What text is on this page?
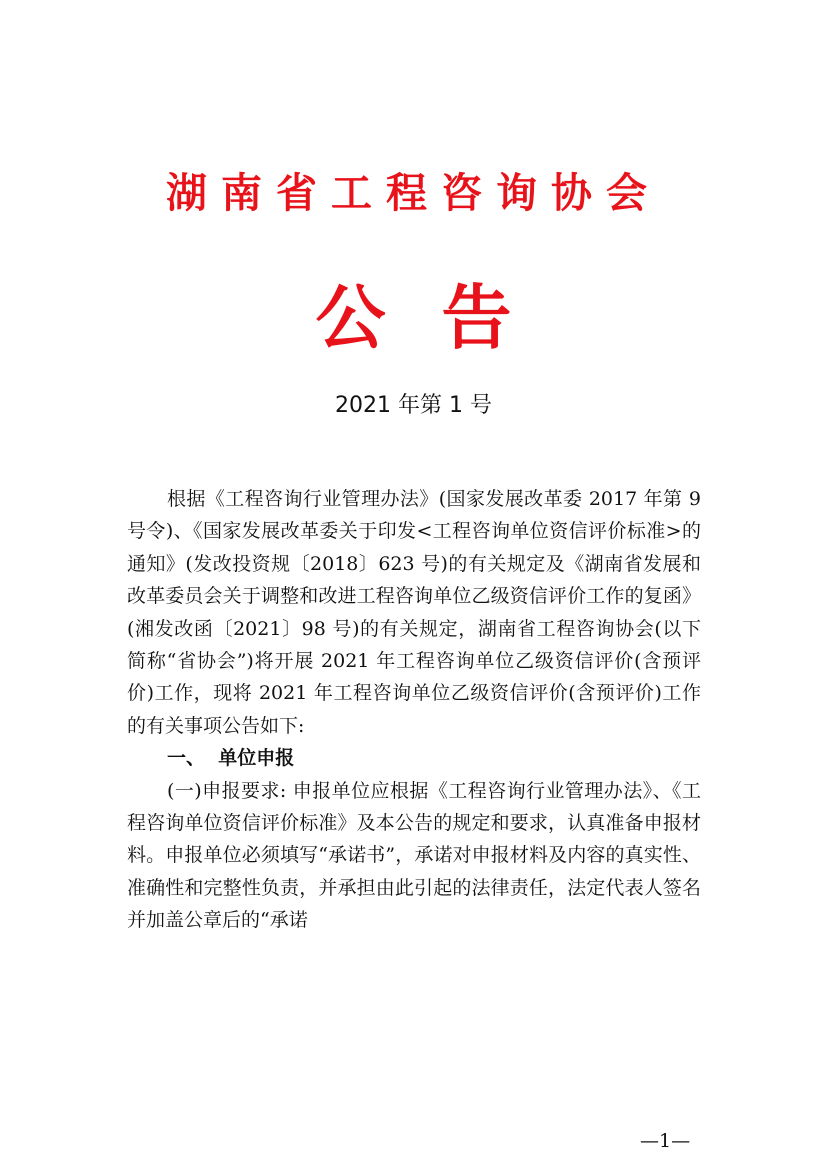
湖南省工程咨询协会
公告
2021 年第 1 号

根据《工程咨询行业管理办法》(国家发展改革委 2017 年第 9 号令)、《国家发展改革委关于印发<工程咨询单位资信评价标准>的通知》(发改投资规〔2018〕623 号)的有关规定及《湖南省发展和改革委员会关于调整和改进工程咨询单位乙级资信评价工作的复函》(湘发改函〔2021〕98 号)的有关规定，湖南省工程咨询协会(以下简称“省协会”)将开展 2021 年工程咨询单位乙级资信评价(含预评价)工作，现将 2021 年工程咨询单位乙级资信评价(含预评价)工作的有关事项公告如下:

一、  单位申报

(一)申报要求: 申报单位应根据《工程咨询行业管理办法》、《工程咨询单位资信评价标准》及本公告的规定和要求，认真准备申报材料。申报单位必须填写“承诺书”，承诺对申报材料及内容的真实性、准确性和完整性负责，并承担由此引起的法律责任，法定代表人签名并加盖公章后的“承诺

—1—
